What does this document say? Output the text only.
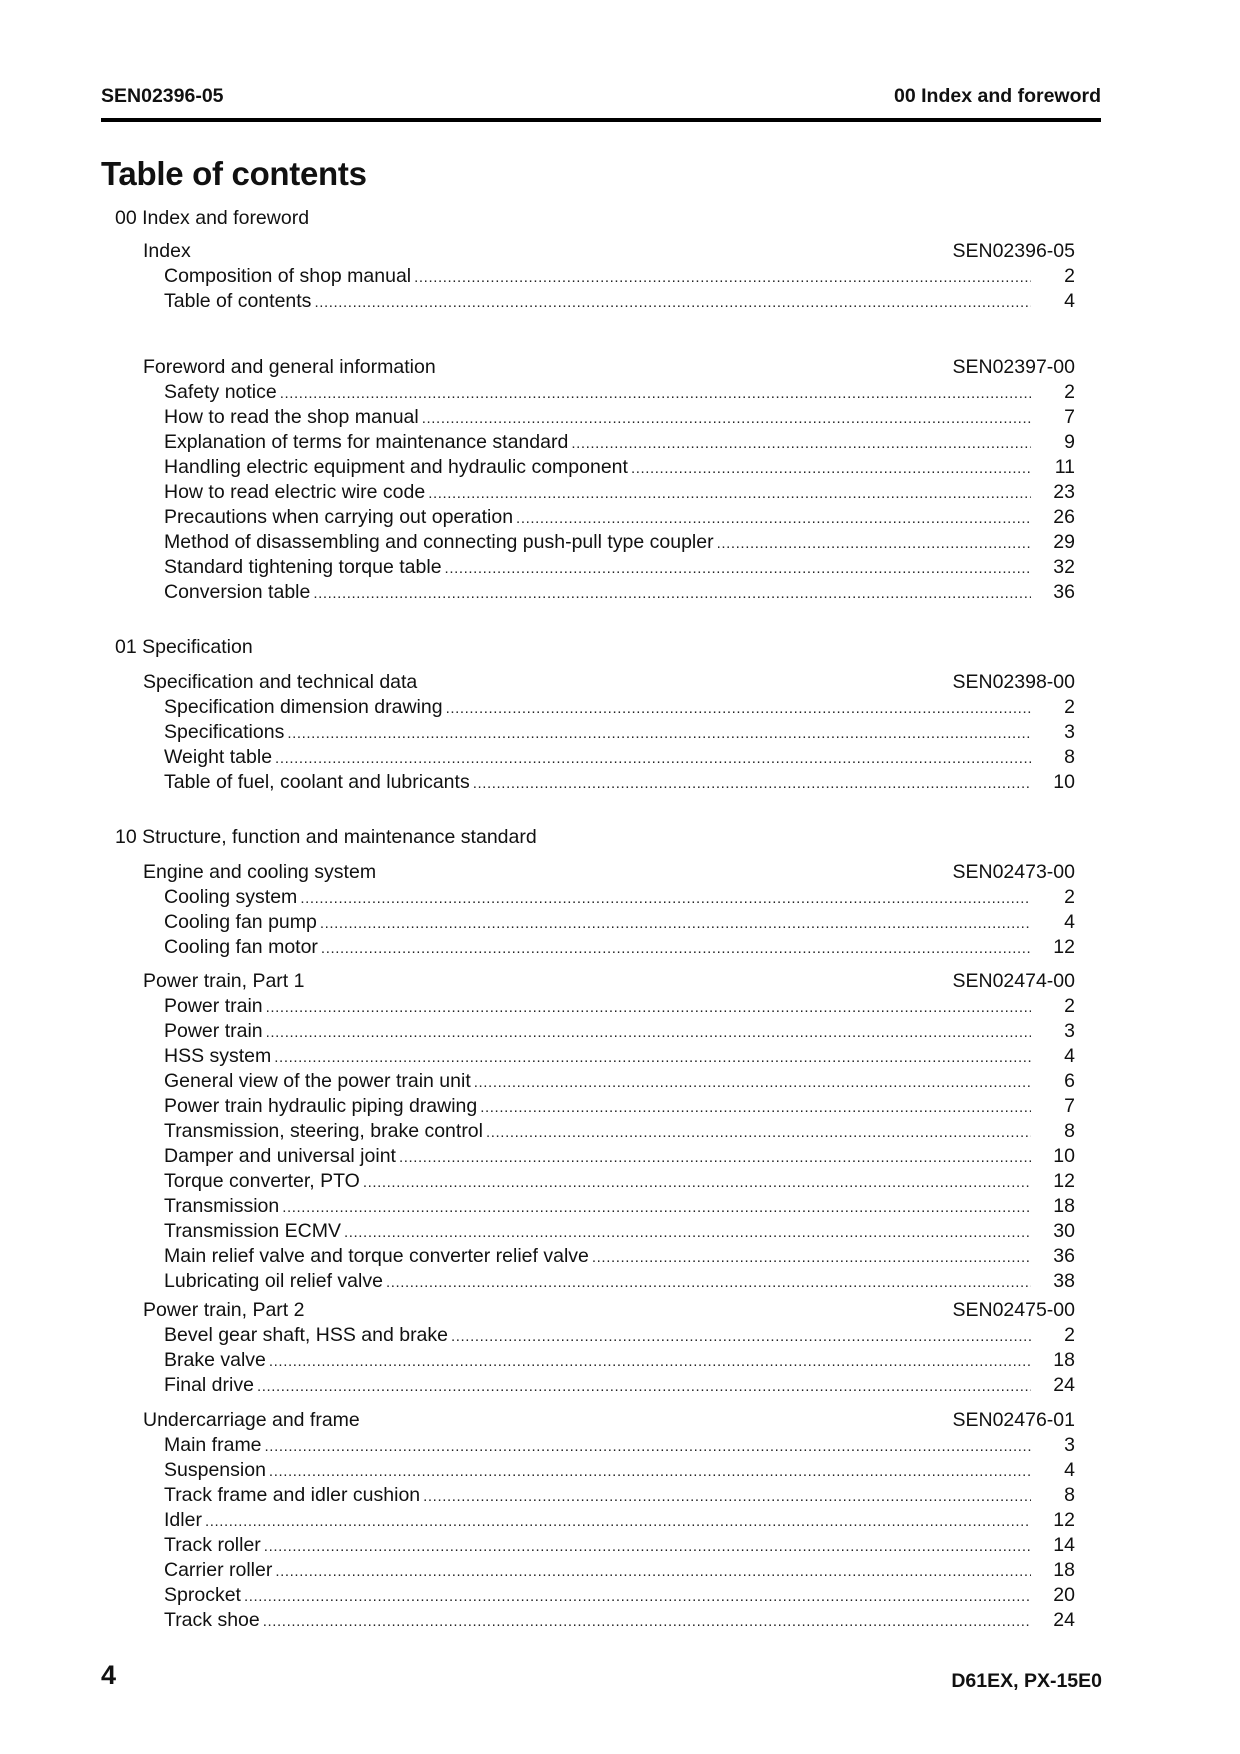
SEN02396-05	00 Index and foreword
Table of contents
00 Index and foreword
Index	SEN02396-05
Composition of shop manual .....	2
Table of contents .....	4
Foreword and general information	SEN02397-00
Safety notice .....	2
How to read the shop manual .....	7
Explanation of terms for maintenance standard .....	9
Handling electric equipment and hydraulic component .....	11
How to read electric wire code .....	23
Precautions when carrying out operation .....	26
Method of disassembling and connecting push-pull type coupler .....	29
Standard tightening torque table .....	32
Conversion table .....	36
01 Specification
Specification and technical data	SEN02398-00
Specification dimension drawing .....	2
Specifications .....	3
Weight table .....	8
Table of fuel, coolant and lubricants .....	10
10 Structure, function and maintenance standard
Engine and cooling system	SEN02473-00
Cooling system .....	2
Cooling fan pump .....	4
Cooling fan motor .....	12
Power train, Part 1	SEN02474-00
Power train .....	2
Power train .....	3
HSS system .....	4
General view of the power train unit .....	6
Power train hydraulic piping drawing .....	7
Transmission, steering, brake control .....	8
Damper and universal joint .....	10
Torque converter, PTO .....	12
Transmission .....	18
Transmission ECMV .....	30
Main relief valve and torque converter relief valve .....	36
Lubricating oil relief valve .....	38
Power train, Part 2	SEN02475-00
Bevel gear shaft, HSS and brake .....	2
Brake valve .....	18
Final drive .....	24
Undercarriage and frame	SEN02476-01
Main frame .....	3
Suspension .....	4
Track frame and idler cushion .....	8
Idler .....	12
Track roller .....	14
Carrier roller .....	18
Sprocket .....	20
Track shoe .....	24
4	D61EX, PX-15E0
